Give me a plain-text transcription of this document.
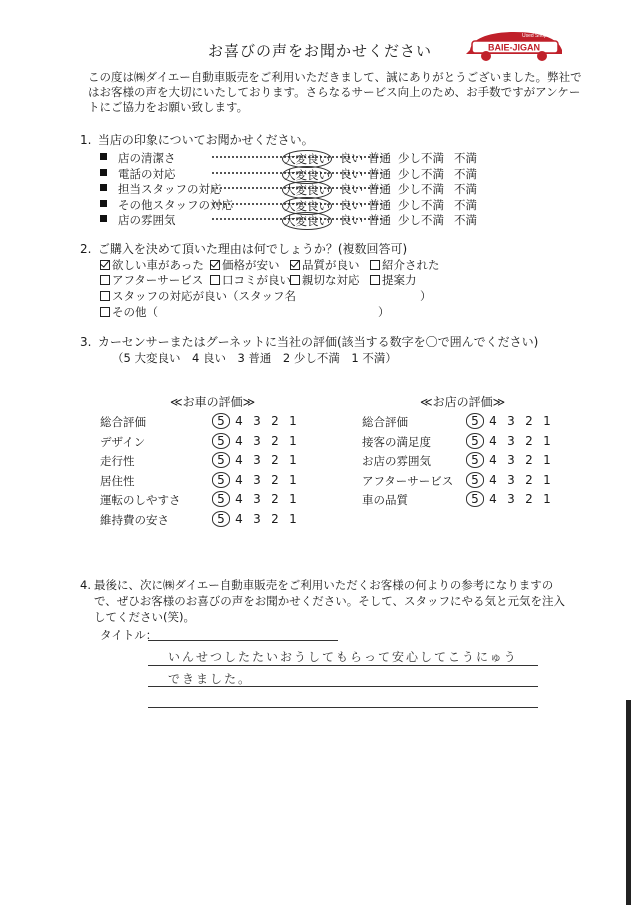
Used Shop
BAIE-JIGAN
お喜びの声をお聞かせください
この度は㈱ダイエー自動車販売をご利用いただきまして、誠にありがとうございました。弊社で
はお客様の声を大切にいたしております。さらなるサービス向上のため、お手数ですがアンケー
トにご協力をお願い致します。
1. 当店の印象についてお聞かせください。
店の清潔さ	大変良い 良い 普通 少し不満 不満
電話の対応	大変良い 良い 普通 少し不満 不満
担当スタッフの対応	大変良い 良い 普通 少し不満 不満
その他スタッフの対応	大変良い 良い 普通 少し不満 不満
店の雰囲気	大変良い 良い 普通 少し不満 不満
2. ご購入を決めて頂いた理由は何でしょうか？(複数回答可)
欲しい車があった	価格が安い	品質が良い	紹介された
アフターサービス	口コミが良い 親切な対応	提案力
スタッフの対応が良い（スタッフ名
その他（
）
）
3. カーセンサーまたはグーネットに当社の評価(該当する数字を〇で囲んでください)
（5 大変良い　4 良い　3 普通　2 少し不満　1 不満）
≪お車の評価≫	≪お店の評価≫
総合評価	5 4 3 2 1
デザイン	5 4 3 2 1
走行性	5 4 3 2 1
居住性	5 4 3 2 1
運転のしやすさ	5 4 3 2 1
維持費の安さ	5 4 3 2 1
総合評価	5 4 3 2 1
接客の満足度	5 4 3 2 1
お店の雰囲気	5 4 3 2 1
アフターサービス	5 4 3 2 1
車の品質	5 4 3 2 1
4. 最後に、次に㈱ダイエー自動車販売をご利用いただくお客様の何よりの参考になりますの
で、ぜひお客様のお喜びの声をお聞かせください。そして、スタッフにやる気と元気を注入
してください(笑)。
タイトル：
いんせつしたたいおうしてもらって安心してこうにゅう
できました。
